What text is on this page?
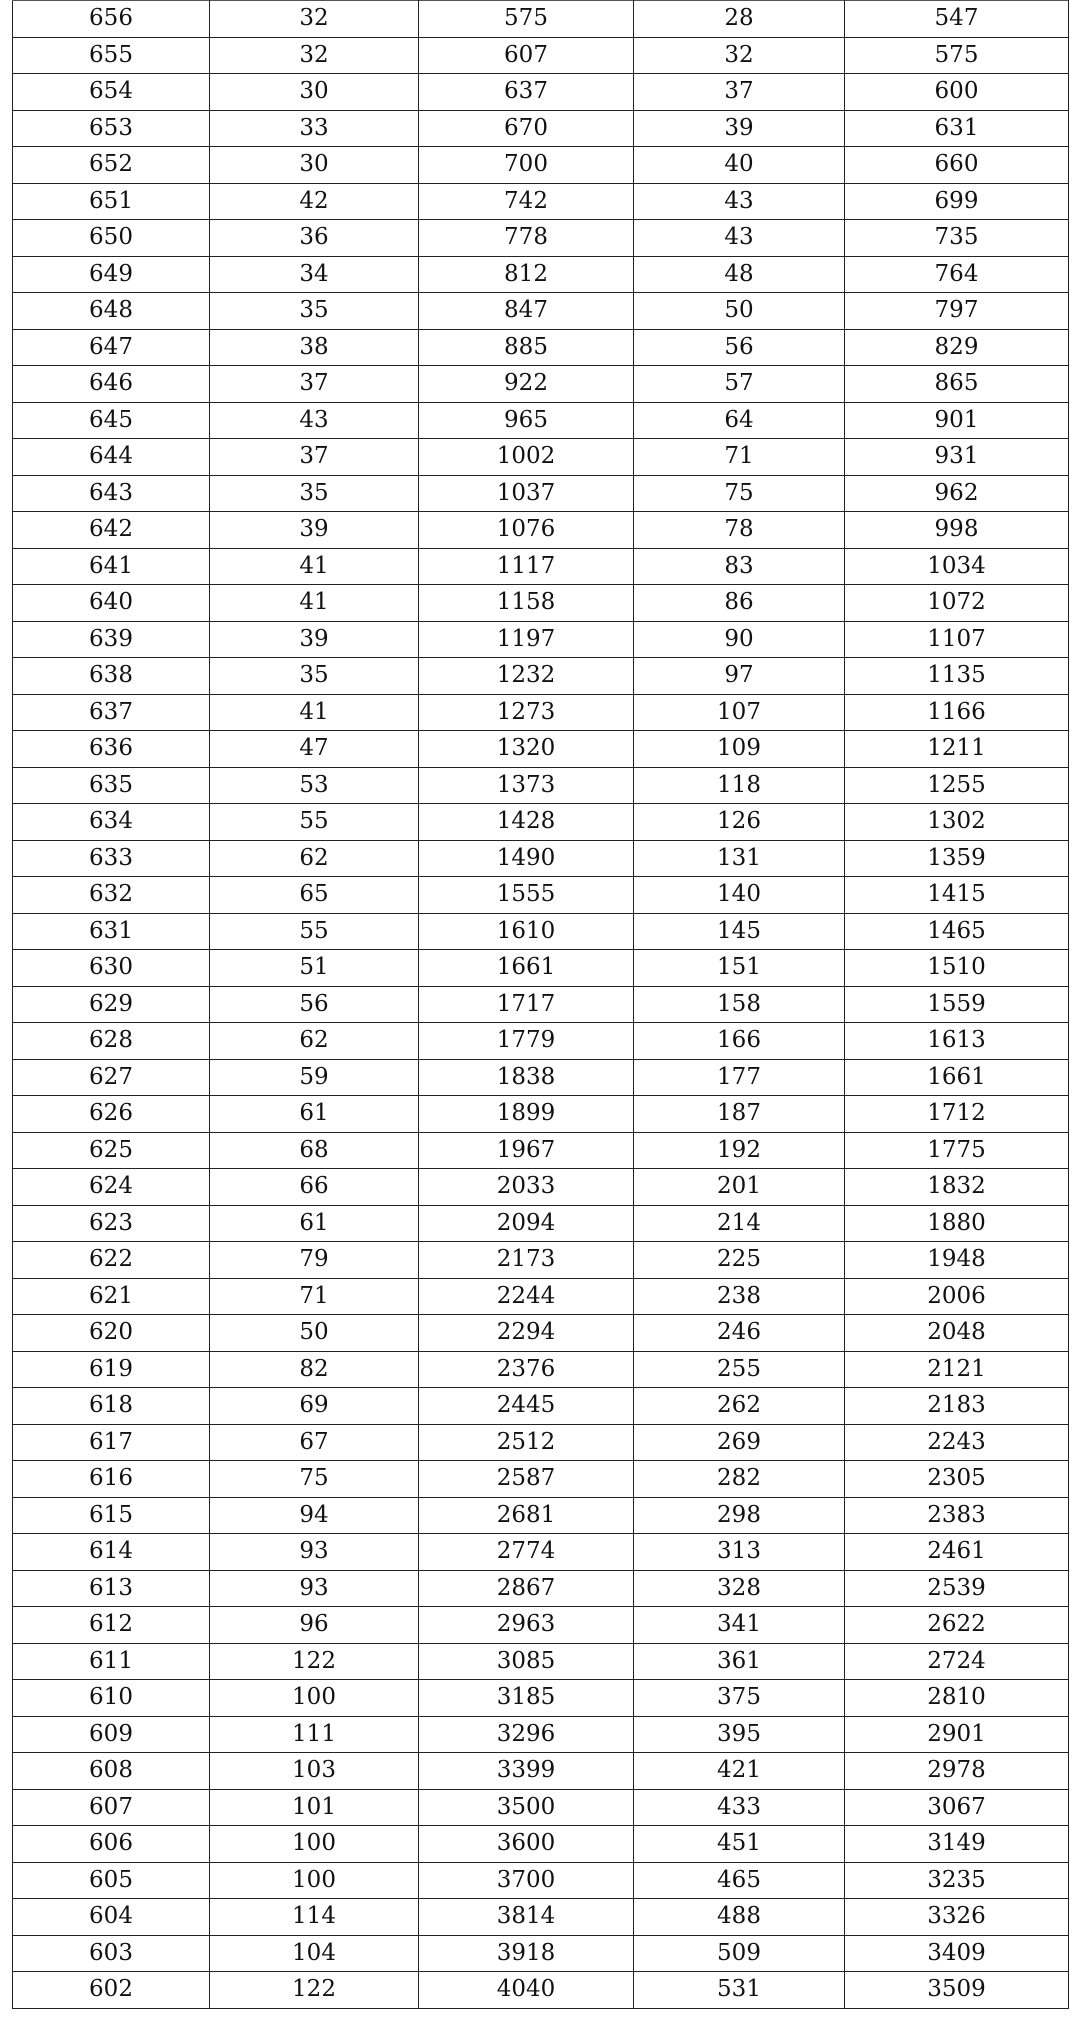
656	32	575	28	547
655	32	607	32	575
654	30	637	37	600
653	33	670	39	631
652	30	700	40	660
651	42	742	43	699
650	36	778	43	735
649	34	812	48	764
648	35	847	50	797
647	38	885	56	829
646	37	922	57	865
645	43	965	64	901
644	37	1002	71	931
643	35	1037	75	962
642	39	1076	78	998
641	41	1117	83	1034
640	41	1158	86	1072
639	39	1197	90	1107
638	35	1232	97	1135
637	41	1273	107	1166
636	47	1320	109	1211
635	53	1373	118	1255
634	55	1428	126	1302
633	62	1490	131	1359
632	65	1555	140	1415
631	55	1610	145	1465
630	51	1661	151	1510
629	56	1717	158	1559
628	62	1779	166	1613
627	59	1838	177	1661
626	61	1899	187	1712
625	68	1967	192	1775
624	66	2033	201	1832
623	61	2094	214	1880
622	79	2173	225	1948
621	71	2244	238	2006
620	50	2294	246	2048
619	82	2376	255	2121
618	69	2445	262	2183
617	67	2512	269	2243
616	75	2587	282	2305
615	94	2681	298	2383
614	93	2774	313	2461
613	93	2867	328	2539
612	96	2963	341	2622
611	122	3085	361	2724
610	100	3185	375	2810
609	111	3296	395	2901
608	103	3399	421	2978
607	101	3500	433	3067
606	100	3600	451	3149
605	100	3700	465	3235
604	114	3814	488	3326
603	104	3918	509	3409
602	122	4040	531	3509
